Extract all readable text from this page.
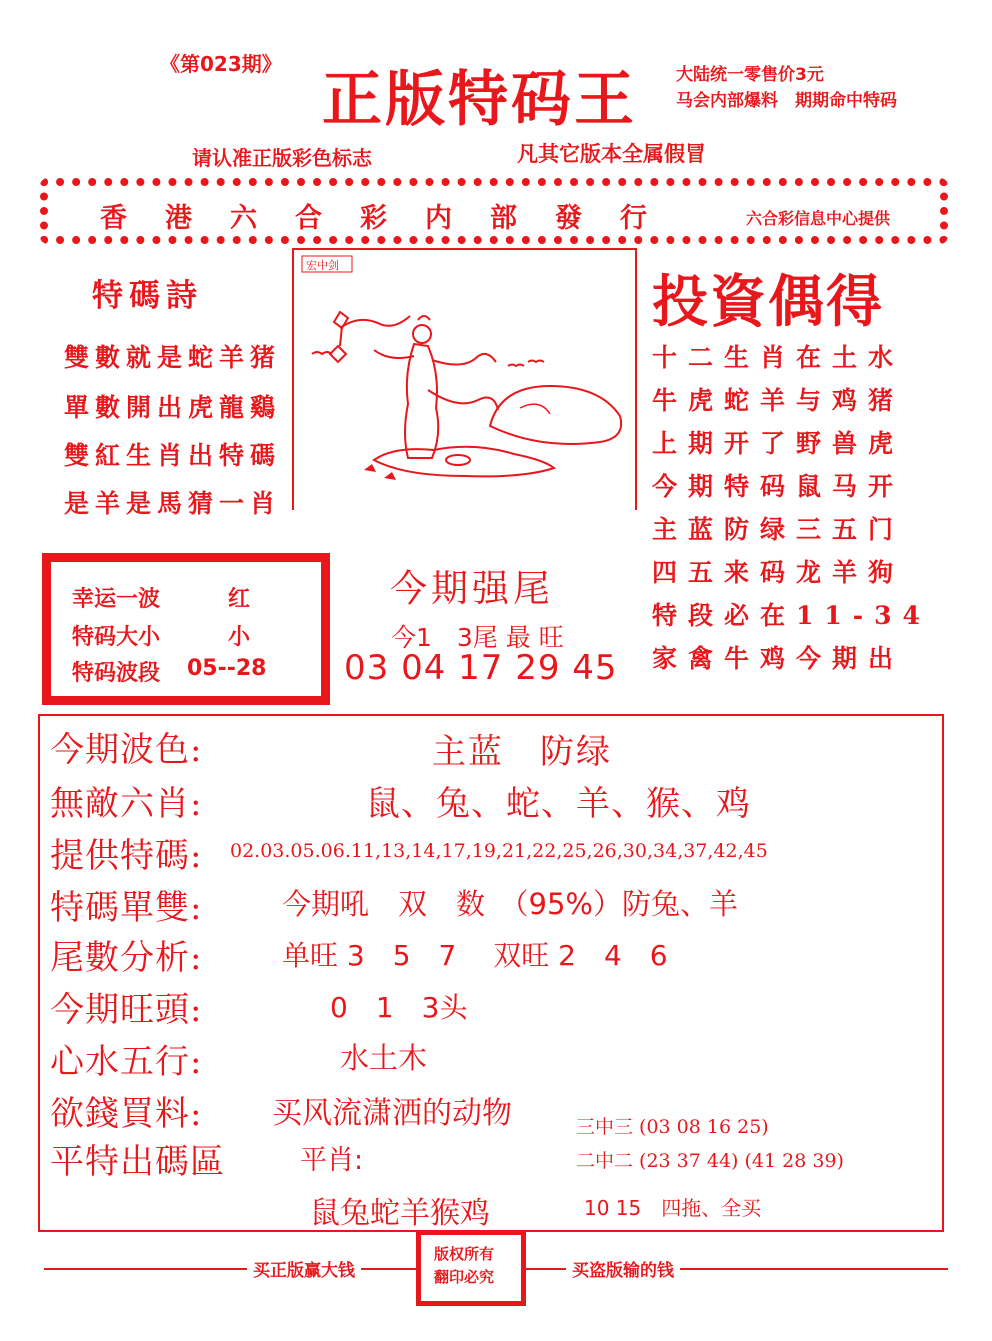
《第023期》
正版特码王 大陆统一零售价3元
马会内部爆料　期期命中特码
请认准正版彩色标志	凡其它版本全属假冒
香港六合彩内部發行	六合彩信息中心提供
特碼詩
雙數就是蛇羊猪
單數開出虎龍鷄
雙紅生肖出特碼
是羊是馬猜一肖
宏中剑
投資偶得
十二生肖在土水
牛虎蛇羊与鸡猪
上期开了野兽虎
今期特码鼠马开
主蓝防绿三五门
四五来码龙羊狗
特段必在11-34
家禽牛鸡今期出
幸运一波	红
特码大小	小
特码波段 05--28
今期强尾
今1　3尾 最 旺
03 04 17 29 45
今期波色:	主蓝　防绿
無敵六肖:	鼠、兔、蛇、羊、猴、鸡
提供特碼: 02.03.05.06.11,13,14,17,19,21,22,25,26,30,34,37,42,45
特碼單雙:	今期吼　双　数　（95%）防兔、羊
尾數分析:	单旺 3　5　7　 双旺 2　4　6
今期旺頭:	0　1　3头
心水五行:	水土木
欲錢買料: 买风流潇洒的动物
平特出碼區	平肖:
三中三 (03 08 16 25)
二中二 (23 37 44) (41 28 39)
鼠兔蛇羊猴鸡	10 15　四拖、全买
买正版赢大钱	买盗版输的钱
版权所有
翻印必究
